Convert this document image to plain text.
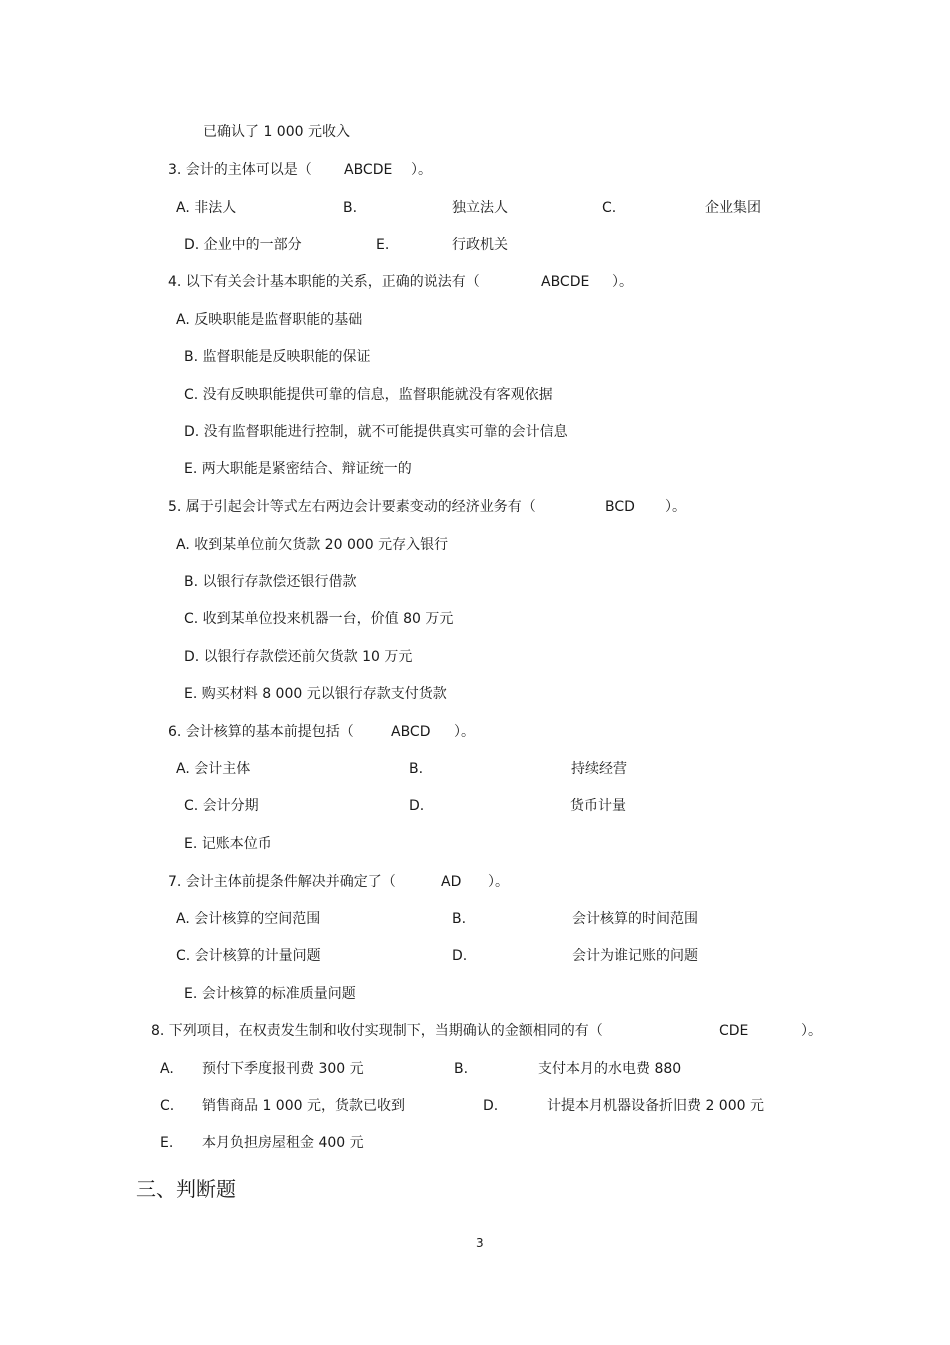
已确认了 1 000 元收入
3. 会计的主体可以是（ ABCDE ）。
A. 非法人	B.	独立法人	C.	企业集团
D. 企业中的一部分	E.	行政机关
4. 以下有关会计基本职能的关系，正确的说法有（	ABCDE ）。
A. 反映职能是监督职能的基础
B. 监督职能是反映职能的保证
C. 没有反映职能提供可靠的信息，监督职能就没有客观依据
D. 没有监督职能进行控制，就不可能提供真实可靠的会计信息
E. 两大职能是紧密结合、辩证统一的
5. 属于引起会计等式左右两边会计要素变动的经济业务有（	BCD ）。
A. 收到某单位前欠货款 20 000 元存入银行
B. 以银行存款偿还银行借款
C. 收到某单位投来机器一台，价值 80 万元
D. 以银行存款偿还前欠货款 10 万元
E. 购买材料 8 000 元以银行存款支付货款
6. 会计核算的基本前提包括（	ABCD ）。
A. 会计主体	B.	持续经营
C. 会计分期	D.	货币计量
E. 记账本位币
7. 会计主体前提条件解决并确定了（	AD ）。
A. 会计核算的空间范围	B.	会计核算的时间范围
C. 会计核算的计量问题	D.	会计为谁记账的问题
E. 会计核算的标准质量问题
8. 下列项目，在权责发生制和收付实现制下，当期确认的金额相同的有（	CDE	）。
A. 预付下季度报刊费 300 元	B.	支付本月的水电费 880
C. 销售商品 1 000 元，货款已收到	D.	计提本月机器设备折旧费 2 000 元
E. 本月负担房屋租金 400 元
三、判断题
3
